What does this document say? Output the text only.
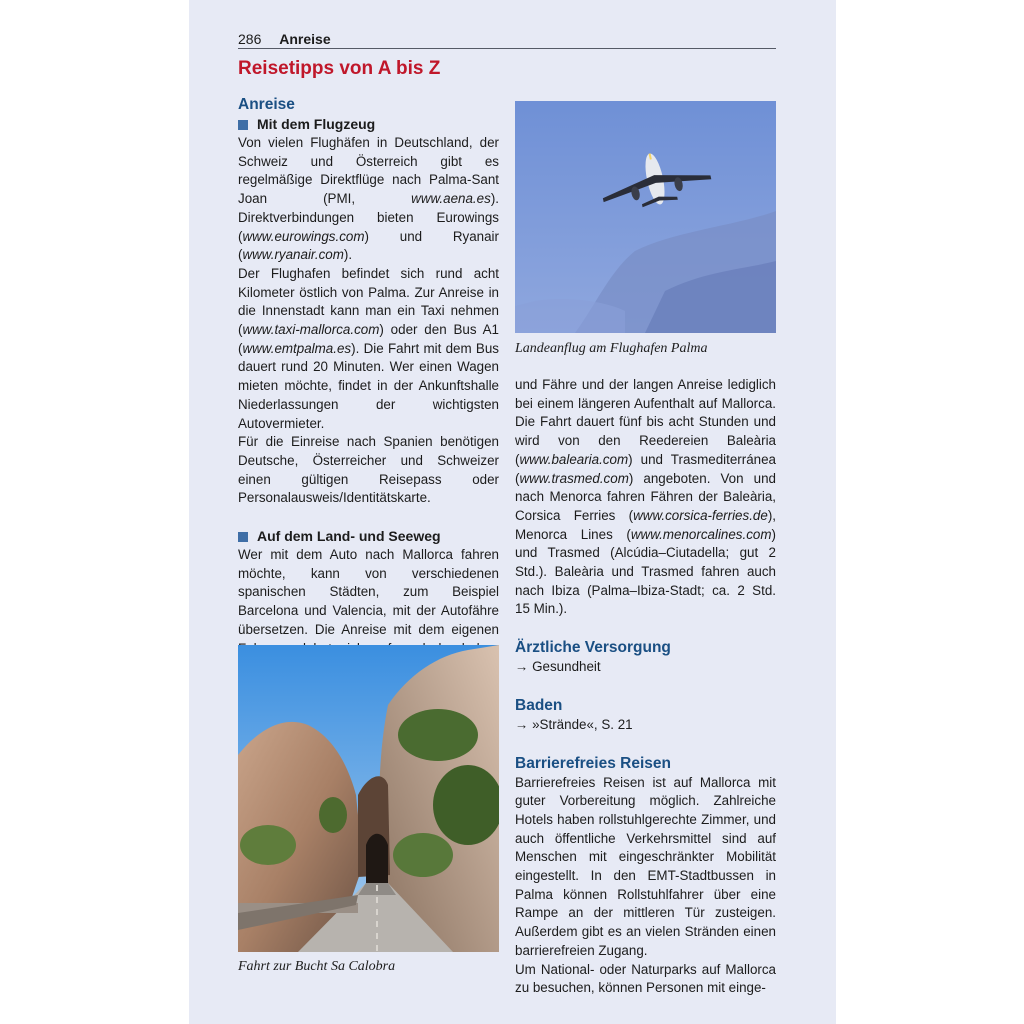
286 Anreise
Reisetipps von A bis Z
Anreise
Mit dem Flugzeug

Von vielen Flughäfen in Deutschland, der Schweiz und Österreich gibt es regelmäßige Direktflüge nach Palma-Sant Joan (PMI, www.aena.es). Direktverbindungen bieten Eurowings (www.eurowings.com) und Ryanair (www.ryanair.com).

Der Flughafen befindet sich rund acht Kilometer östlich von Palma. Zur Anreise in die Innenstadt kann man ein Taxi nehmen (www.taxi-mallorca.com) oder den Bus A1 (www.emtpalma.es). Die Fahrt mit dem Bus dauert rund 20 Minuten. Wer einen Wagen mieten möchte, findet in der Ankunftshalle Niederlassungen der wichtigsten Autovermieter.

Für die Einreise nach Spanien benötigen Deutsche, Österreicher und Schweizer einen gültigen Reisepass oder Personalausweis/Identitätskarte.

Auf dem Land- und Seeweg

Wer mit dem Auto nach Mallorca fahren möchte, kann von verschiedenen spanischen Städten, zum Beispiel Barcelona und Valencia, mit der Autofähre übersetzen. Die Anreise mit dem eigenen

Fahrt zur Bucht Sa Calobra
Landeanflug am Flughafen Palma

und Fähre und der langen Anreise lediglich bei einem längeren Aufenthalt auf Mallorca. Die Fahrt dauert fünf bis acht Stunden und wird von den Reedereien Baleària (www.balearia.com) und Trasmediterránea (www.trasmed.com) angeboten. Von und nach Menorca fahren Fähren der Baleària, Corsica Ferries (www.corsica-ferries.de), Menorca Lines (www.menorcalines.com) und Trasmed (Alcúdia–Ciutadella; gut 2 Std.). Baleària und Trasmed fahren auch nach Ibiza (Palma–Ibiza-Stadt; ca. 2 Std. 15 Min.).

Ärztliche Versorgung

→ Gesundheit

Baden

→ »Strände«, S. 21

Barrierefreies Reisen

Barrierefreies Reisen ist auf Mallorca mit guter Vorbereitung möglich. Zahlreiche Hotels haben rollstuhlgerechte Zimmer, und auch öffentliche Verkehrsmittel sind auf Menschen mit eingeschränkter Mobilität eingestellt. In den EMT-Stadtbussen in Palma können Rollstuhlfahrer über eine Rampe an der mittleren Tür zusteigen. Außerdem gibt es an vielen Stränden einen barrierefreien Zugang.

Um National- oder Naturparks auf Mallorca zu besuchen, können Personen mit einge-
